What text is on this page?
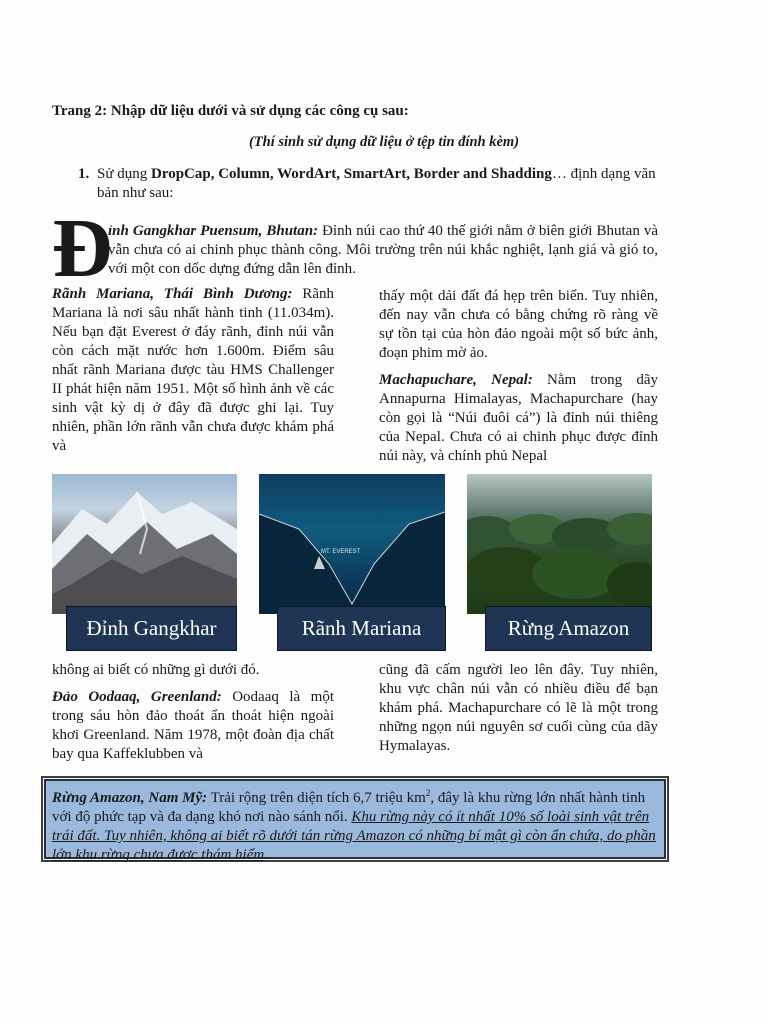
Trang 2: Nhập dữ liệu dưới và sử dụng các công cụ sau:
(Thí sinh sử dụng dữ liệu ở tệp tin đính kèm)
1. Sử dụng DropCap, Column, WordArt, SmartArt, Border and Shadding… định dạng văn bản như sau:
Đ
ỉnh Gangkhar Puensum, Bhutan: Đỉnh núi cao thứ 40 thế giới nằm ở biên giới Bhutan và vẫn chưa có ai chinh phục thành công. Môi trường trên núi khắc nghiệt, lạnh giá và gió to, với một con dốc dựng đứng dẫn lên đỉnh.

Rãnh Mariana, Thái Bình Dương: Rãnh Mariana là nơi sâu nhất hành tinh (11.034m). Nếu bạn đặt Everest ở đáy rãnh, đỉnh núi vẫn còn cách mặt nước hơn 1.600m. Điểm sâu nhất rãnh Mariana được tàu HMS Challenger II phát hiện năm 1951. Một số hình ảnh về các sinh vật kỳ dị ở đây đã được ghi lại. Tuy nhiên, phần lớn rãnh vẫn chưa được khám phá và

thấy một dải đất đá hẹp trên biển. Tuy nhiên, đến nay vẫn chưa có bằng chứng rõ ràng về sự tồn tại của hòn đảo ngoài một số bức ảnh, đoạn phim mờ ảo.

Machapuchare, Nepal: Nằm trong dãy Annapurna Himalayas, Machapurchare (hay còn gọi là “Núi đuôi cá”) là đỉnh núi thiêng của Nepal. Chưa có ai chinh phục được đỉnh núi này, và chính phủ Nepal

MT. EVEREST
Đỉnh Gangkhar	Rãnh Mariana	Rừng Amazon

không ai biết có những gì dưới đó.

Đảo Oodaaq, Greenland: Oodaaq là một trong sáu hòn đảo thoát ẩn thoát hiện ngoài khơi Greenland. Năm 1978, một đoàn địa chất bay qua Kaffeklubben và

cũng đã cấm người leo lên đây. Tuy nhiên, khu vực chân núi vẫn có nhiều điều để bạn khám phá. Machapurchare có lẽ là một trong những ngọn núi nguyên sơ cuối cùng của dãy Hymalayas.

Rừng Amazon, Nam Mỹ: Trải rộng trên diện tích 6,7 triệu $km^2$, đây là khu rừng lớn nhất hành tinh với độ phức tạp và đa dạng khó nơi nào sánh nổi. Khu rừng này có ít nhất 10% số loài sinh vật trên trái đất. Tuy nhiên, không ai biết rõ dưới tán rừng Amazon có những bí mật gì còn ẩn chứa, do phần lớn khu rừng chưa được thám hiểm.
